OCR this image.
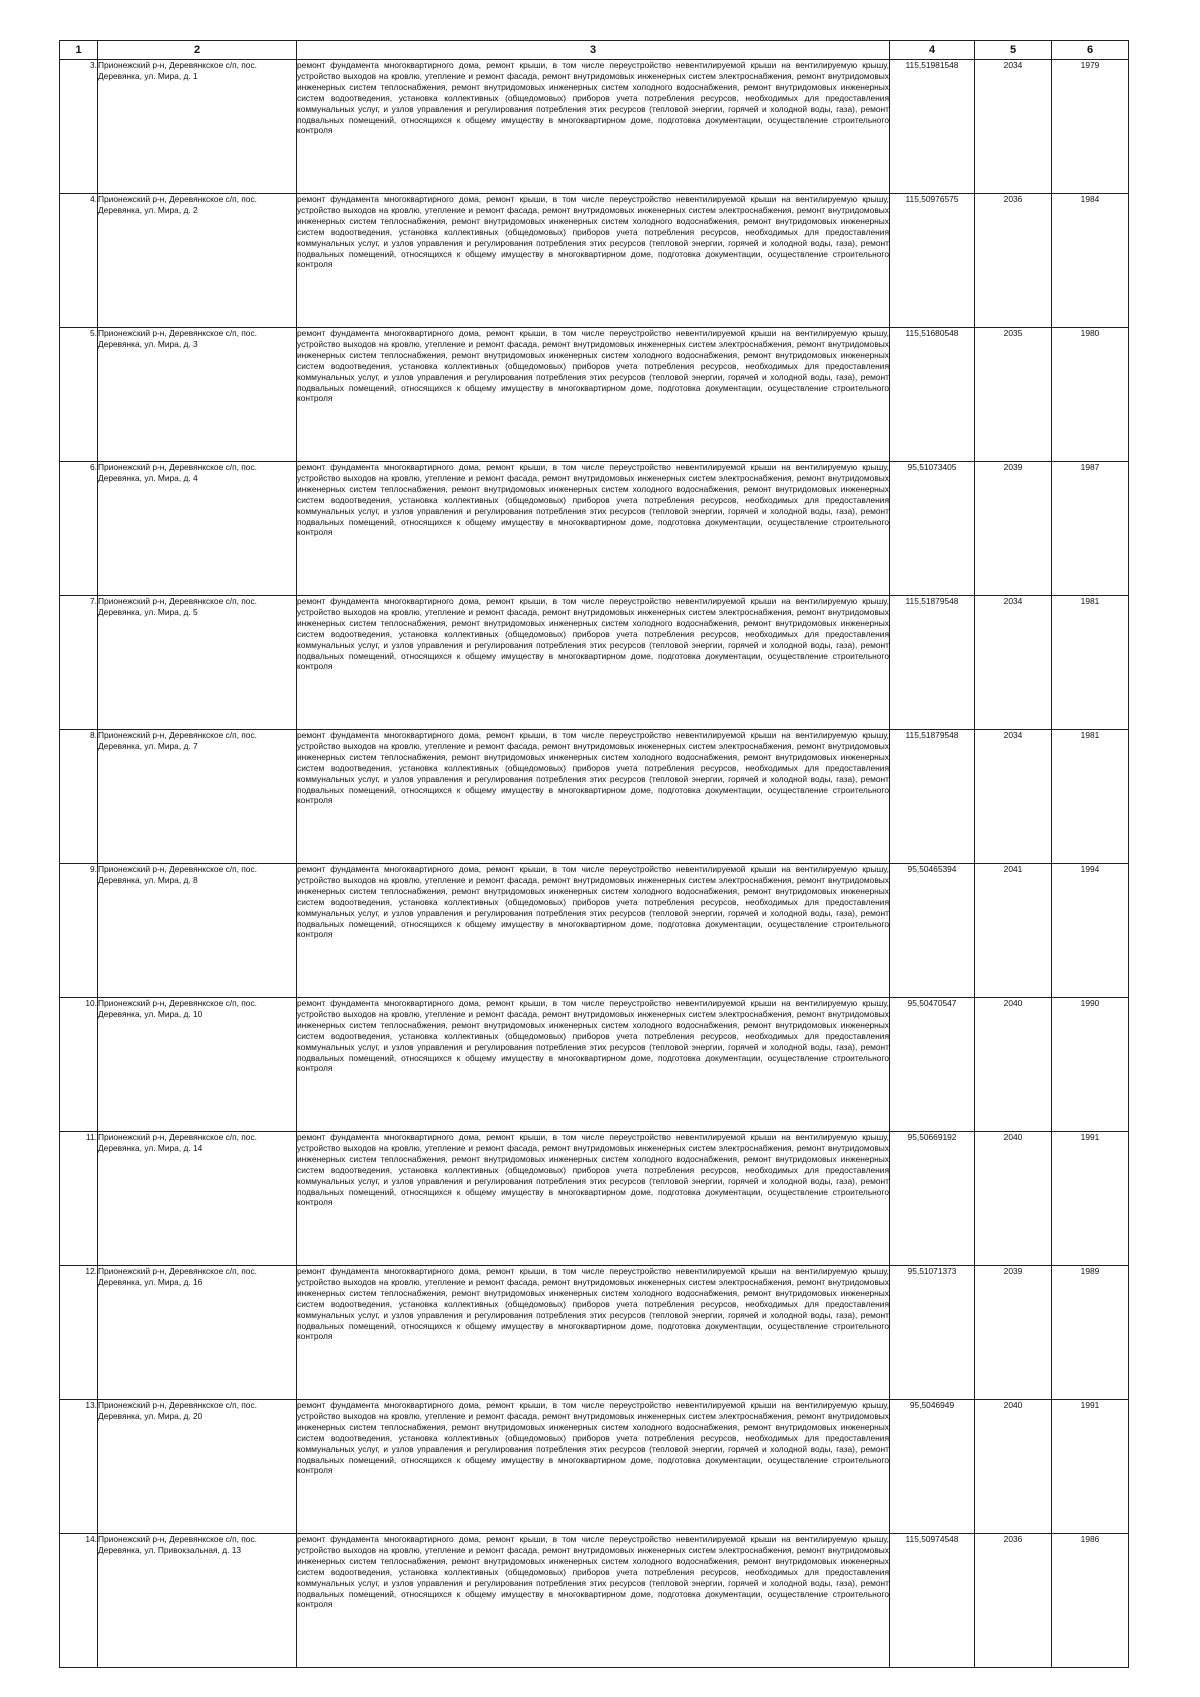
1	2	3	4	5	6
3.	Прионежский р-н, Деревянкское с/п, пос. Деревянка, ул. Мира, д. 1	ремонт фундамента многоквартирного дома, ремонт крыши, в том числе переустройство невентилируемой крыши на вентилируемую крышу, устройство выходов на кровлю, утепление и ремонт фасада, ремонт внутридомовых инженерных систем электроснабжения, ремонт внутридомовых инженерных систем теплоснабжения, ремонт внутридомовых инженерных систем холодного водоснабжения, ремонт внутридомовых инженерных систем водоотведения, установка коллективных (общедомовых) приборов учета потребления ресурсов, необходимых для предоставления коммунальных услуг, и узлов управления и регулирования потребления этих ресурсов (тепловой энергии, горячей и холодной воды, газа), ремонт подвальных помещений, относящихся к общему имуществу в многоквартирном доме, подготовка документации, осуществление строительного контроля	115,51981548	2034	1979
4.	Прионежский р-н, Деревянкское с/п, пос. Деревянка, ул. Мира, д. 2	ремонт фундамента многоквартирного дома, ремонт крыши, в том числе переустройство невентилируемой крыши на вентилируемую крышу, устройство выходов на кровлю, утепление и ремонт фасада, ремонт внутридомовых инженерных систем электроснабжения, ремонт внутридомовых инженерных систем теплоснабжения, ремонт внутридомовых инженерных систем холодного водоснабжения, ремонт внутридомовых инженерных систем водоотведения, установка коллективных (общедомовых) приборов учета потребления ресурсов, необходимых для предоставления коммунальных услуг, и узлов управления и регулирования потребления этих ресурсов (тепловой энергии, горячей и холодной воды, газа), ремонт подвальных помещений, относящихся к общему имуществу в многоквартирном доме, подготовка документации, осуществление строительного контроля	115,50976575	2036	1984
5.	Прионежский р-н, Деревянкское с/п, пос. Деревянка, ул. Мира, д. 3	ремонт фундамента многоквартирного дома, ремонт крыши, в том числе переустройство невентилируемой крыши на вентилируемую крышу, устройство выходов на кровлю, утепление и ремонт фасада, ремонт внутридомовых инженерных систем электроснабжения, ремонт внутридомовых инженерных систем теплоснабжения, ремонт внутридомовых инженерных систем холодного водоснабжения, ремонт внутридомовых инженерных систем водоотведения, установка коллективных (общедомовых) приборов учета потребления ресурсов, необходимых для предоставления коммунальных услуг, и узлов управления и регулирования потребления этих ресурсов (тепловой энергии, горячей и холодной воды, газа), ремонт подвальных помещений, относящихся к общему имуществу в многоквартирном доме, подготовка документации, осуществление строительного контроля	115,51680548	2035	1980
6.	Прионежский р-н, Деревянкское с/п, пос. Деревянка, ул. Мира, д. 4	ремонт фундамента многоквартирного дома, ремонт крыши, в том числе переустройство невентилируемой крыши на вентилируемую крышу, устройство выходов на кровлю, утепление и ремонт фасада, ремонт внутридомовых инженерных систем электроснабжения, ремонт внутридомовых инженерных систем теплоснабжения, ремонт внутридомовых инженерных систем холодного водоснабжения, ремонт внутридомовых инженерных систем водоотведения, установка коллективных (общедомовых) приборов учета потребления ресурсов, необходимых для предоставления коммунальных услуг, и узлов управления и регулирования потребления этих ресурсов (тепловой энергии, горячей и холодной воды, газа), ремонт подвальных помещений, относящихся к общему имуществу в многоквартирном доме, подготовка документации, осуществление строительного контроля	95,51073405	2039	1987
7.	Прионежский р-н, Деревянкское с/п, пос. Деревянка, ул. Мира, д. 5	ремонт фундамента многоквартирного дома, ремонт крыши, в том числе переустройство невентилируемой крыши на вентилируемую крышу, устройство выходов на кровлю, утепление и ремонт фасада, ремонт внутридомовых инженерных систем электроснабжения, ремонт внутридомовых инженерных систем теплоснабжения, ремонт внутридомовых инженерных систем холодного водоснабжения, ремонт внутридомовых инженерных систем водоотведения, установка коллективных (общедомовых) приборов учета потребления ресурсов, необходимых для предоставления коммунальных услуг, и узлов управления и регулирования потребления этих ресурсов (тепловой энергии, горячей и холодной воды, газа), ремонт подвальных помещений, относящихся к общему имуществу в многоквартирном доме, подготовка документации, осуществление строительного контроля	115,51879548	2034	1981
8.	Прионежский р-н, Деревянкское с/п, пос. Деревянка, ул. Мира, д. 7	ремонт фундамента многоквартирного дома, ремонт крыши, в том числе переустройство невентилируемой крыши на вентилируемую крышу, устройство выходов на кровлю, утепление и ремонт фасада, ремонт внутридомовых инженерных систем электроснабжения, ремонт внутридомовых инженерных систем теплоснабжения, ремонт внутридомовых инженерных систем холодного водоснабжения, ремонт внутридомовых инженерных систем водоотведения, установка коллективных (общедомовых) приборов учета потребления ресурсов, необходимых для предоставления коммунальных услуг, и узлов управления и регулирования потребления этих ресурсов (тепловой энергии, горячей и холодной воды, газа), ремонт подвальных помещений, относящихся к общему имуществу в многоквартирном доме, подготовка документации, осуществление строительного контроля	115,51879548	2034	1981
9.	Прионежский р-н, Деревянкское с/п, пос. Деревянка, ул. Мира, д. 8	ремонт фундамента многоквартирного дома, ремонт крыши, в том числе переустройство невентилируемой крыши на вентилируемую крышу, устройство выходов на кровлю, утепление и ремонт фасада, ремонт внутридомовых инженерных систем электроснабжения, ремонт внутридомовых инженерных систем теплоснабжения, ремонт внутридомовых инженерных систем холодного водоснабжения, ремонт внутридомовых инженерных систем водоотведения, установка коллективных (общедомовых) приборов учета потребления ресурсов, необходимых для предоставления коммунальных услуг, и узлов управления и регулирования потребления этих ресурсов (тепловой энергии, горячей и холодной воды, газа), ремонт подвальных помещений, относящихся к общему имуществу в многоквартирном доме, подготовка документации, осуществление строительного контроля	95,50465394	2041	1994
10.	Прионежский р-н, Деревянкское с/п, пос. Деревянка, ул. Мира, д. 10	ремонт фундамента многоквартирного дома, ремонт крыши, в том числе переустройство невентилируемой крыши на вентилируемую крышу, устройство выходов на кровлю, утепление и ремонт фасада, ремонт внутридомовых инженерных систем электроснабжения, ремонт внутридомовых инженерных систем теплоснабжения, ремонт внутридомовых инженерных систем холодного водоснабжения, ремонт внутридомовых инженерных систем водоотведения, установка коллективных (общедомовых) приборов учета потребления ресурсов, необходимых для предоставления коммунальных услуг, и узлов управления и регулирования потребления этих ресурсов (тепловой энергии, горячей и холодной воды, газа), ремонт подвальных помещений, относящихся к общему имуществу в многоквартирном доме, подготовка документации, осуществление строительного контроля	95,50470547	2040	1990
11.	Прионежский р-н, Деревянкское с/п, пос. Деревянка, ул. Мира, д. 14	ремонт фундамента многоквартирного дома, ремонт крыши, в том числе переустройство невентилируемой крыши на вентилируемую крышу, устройство выходов на кровлю, утепление и ремонт фасада, ремонт внутридомовых инженерных систем электроснабжения, ремонт внутридомовых инженерных систем теплоснабжения, ремонт внутридомовых инженерных систем холодного водоснабжения, ремонт внутридомовых инженерных систем водоотведения, установка коллективных (общедомовых) приборов учета потребления ресурсов, необходимых для предоставления коммунальных услуг, и узлов управления и регулирования потребления этих ресурсов (тепловой энергии, горячей и холодной воды, газа), ремонт подвальных помещений, относящихся к общему имуществу в многоквартирном доме, подготовка документации, осуществление строительного контроля	95,50669192	2040	1991
12.	Прионежский р-н, Деревянкское с/п, пос. Деревянка, ул. Мира, д. 16	ремонт фундамента многоквартирного дома, ремонт крыши, в том числе переустройство невентилируемой крыши на вентилируемую крышу, устройство выходов на кровлю, утепление и ремонт фасада, ремонт внутридомовых инженерных систем электроснабжения, ремонт внутридомовых инженерных систем теплоснабжения, ремонт внутридомовых инженерных систем холодного водоснабжения, ремонт внутридомовых инженерных систем водоотведения, установка коллективных (общедомовых) приборов учета потребления ресурсов, необходимых для предоставления коммунальных услуг, и узлов управления и регулирования потребления этих ресурсов (тепловой энергии, горячей и холодной воды, газа), ремонт подвальных помещений, относящихся к общему имуществу в многоквартирном доме, подготовка документации, осуществление строительного контроля	95,51071373	2039	1989
13.	Прионежский р-н, Деревянкское с/п, пос. Деревянка, ул. Мира, д. 20	ремонт фундамента многоквартирного дома, ремонт крыши, в том числе переустройство невентилируемой крыши на вентилируемую крышу, устройство выходов на кровлю, утепление и ремонт фасада, ремонт внутридомовых инженерных систем электроснабжения, ремонт внутридомовых инженерных систем теплоснабжения, ремонт внутридомовых инженерных систем холодного водоснабжения, ремонт внутридомовых инженерных систем водоотведения, установка коллективных (общедомовых) приборов учета потребления ресурсов, необходимых для предоставления коммунальных услуг, и узлов управления и регулирования потребления этих ресурсов (тепловой энергии, горячей и холодной воды, газа), ремонт подвальных помещений, относящихся к общему имуществу в многоквартирном доме, подготовка документации, осуществление строительного контроля	95,5046949	2040	1991
14.	Прионежский р-н, Деревянкское с/п, пос. Деревянка, ул. Привокзальная, д. 13	ремонт фундамента многоквартирного дома, ремонт крыши, в том числе переустройство невентилируемой крыши на вентилируемую крышу, устройство выходов на кровлю, утепление и ремонт фасада, ремонт внутридомовых инженерных систем электроснабжения, ремонт внутридомовых инженерных систем теплоснабжения, ремонт внутридомовых инженерных систем холодного водоснабжения, ремонт внутридомовых инженерных систем водоотведения, установка коллективных (общедомовых) приборов учета потребления ресурсов, необходимых для предоставления коммунальных услуг, и узлов управления и регулирования потребления этих ресурсов (тепловой энергии, горячей и холодной воды, газа), ремонт подвальных помещений, относящихся к общему имуществу в многоквартирном доме, подготовка документации, осуществление строительного контроля	115,50974548	2036	1986
